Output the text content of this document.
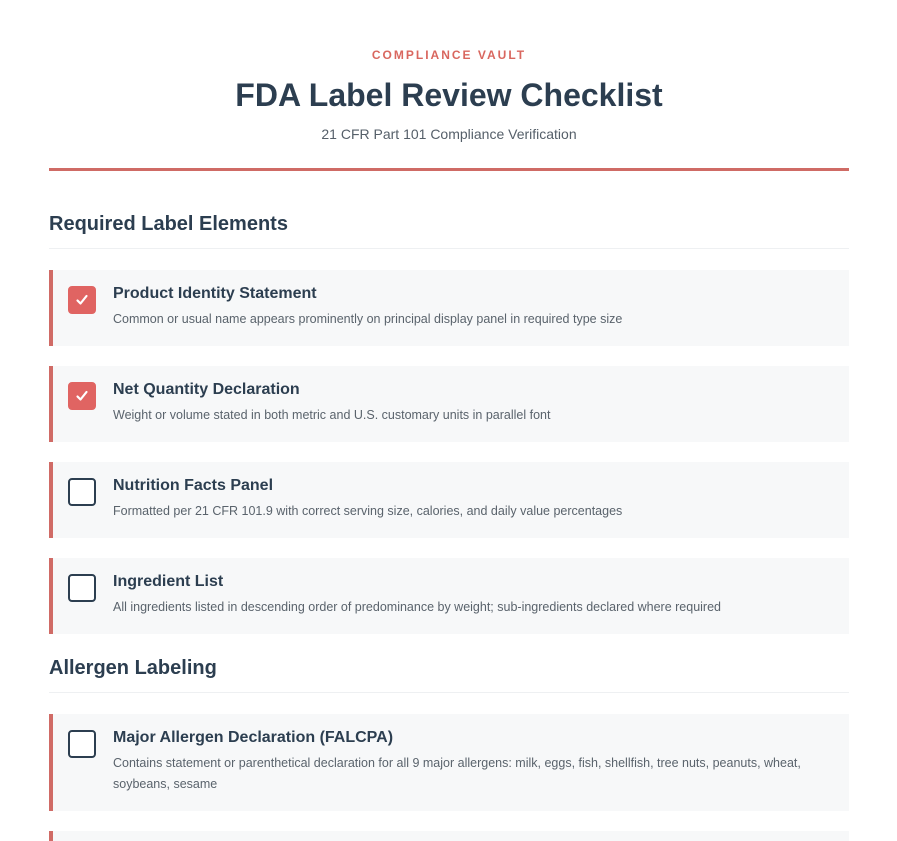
COMPLIANCE VAULT
FDA Label Review Checklist
21 CFR Part 101 Compliance Verification
Required Label Elements
Product Identity Statement
Common or usual name appears prominently on principal display panel in required type size
Net Quantity Declaration
Weight or volume stated in both metric and U.S. customary units in parallel font
Nutrition Facts Panel
Formatted per 21 CFR 101.9 with correct serving size, calories, and daily value percentages
Ingredient List
All ingredients listed in descending order of predominance by weight; sub-ingredients declared where required
Allergen Labeling
Major Allergen Declaration (FALCPA)
Contains statement or parenthetical declaration for all 9 major allergens: milk, eggs, fish, shellfish, tree nuts, peanuts, wheat, soybeans, sesame
